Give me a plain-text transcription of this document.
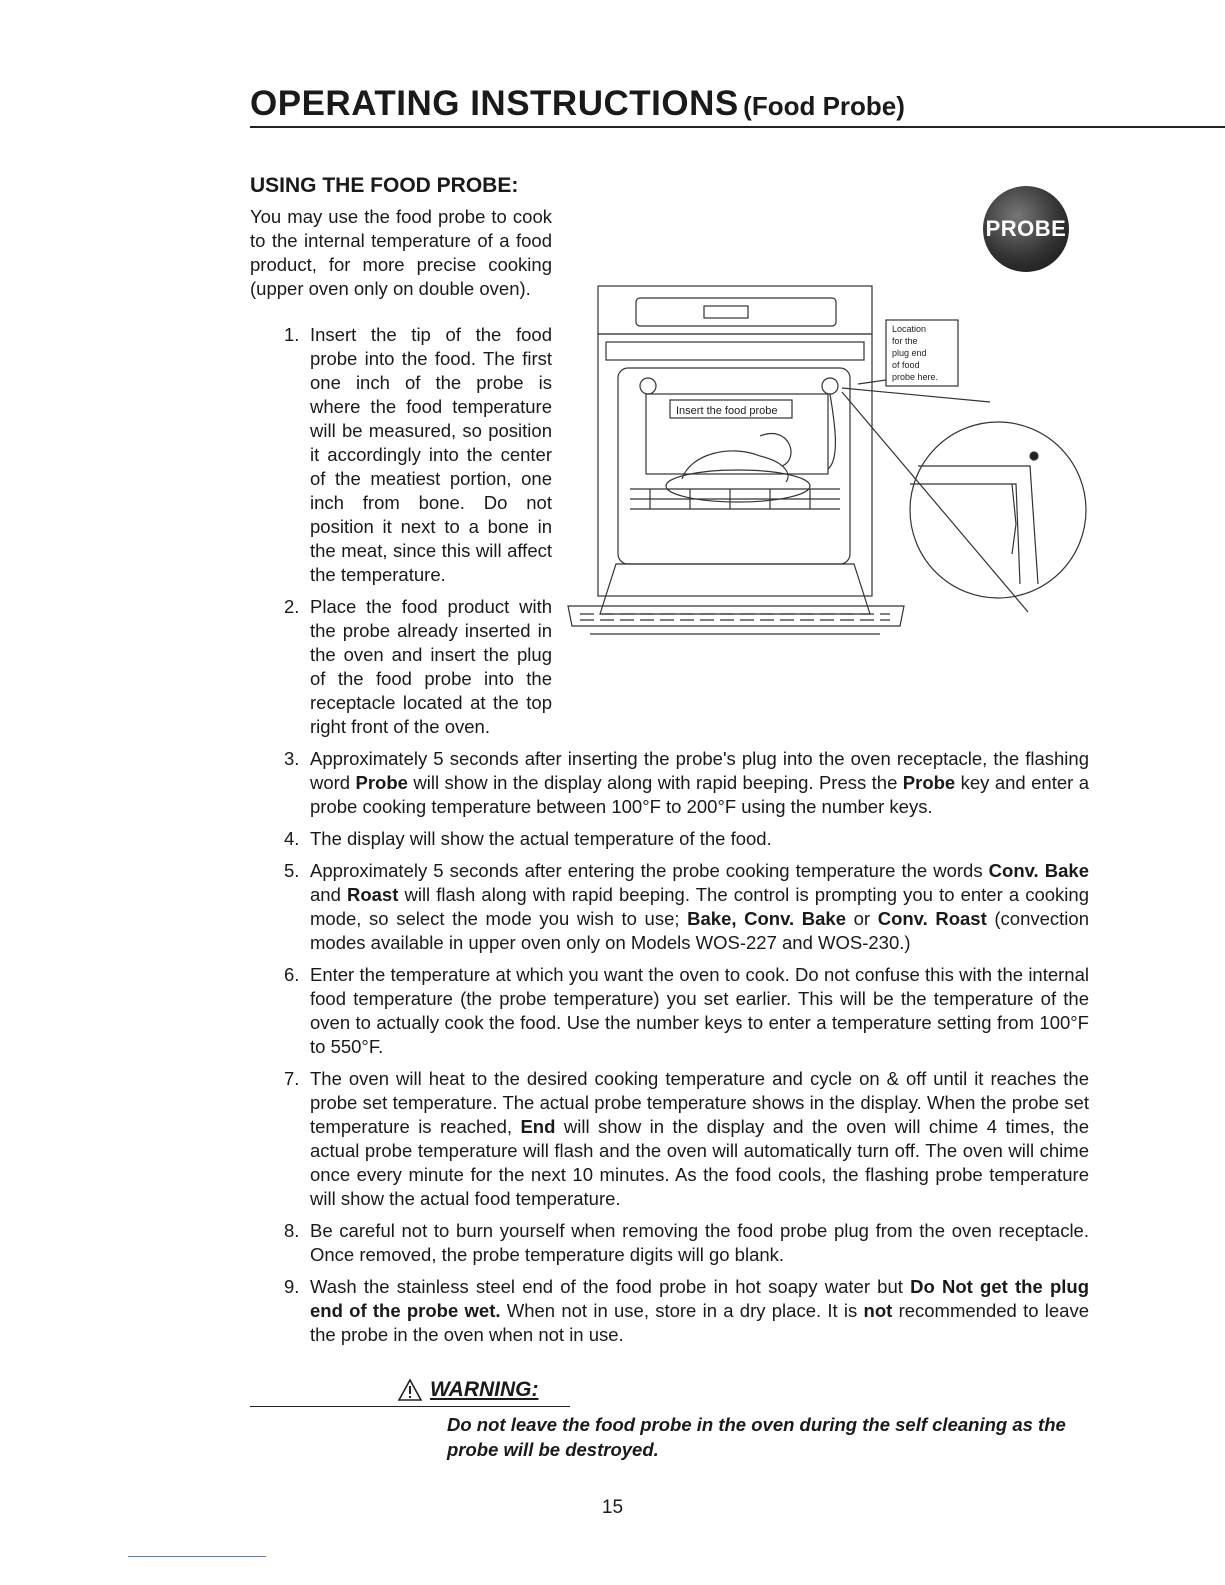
OPERATING INSTRUCTIONS (Food Probe)
USING THE FOOD PROBE:
You may use the food probe to cook to the internal temperature of a food product, for more precise cooking (upper oven only on double oven).
PROBE
Insert the food probe
Location
for the
plug end
of food
probe here.
1. Insert the tip of the food probe into the food. The first one inch of the probe is where the food temperature will be measured, so position it accordingly into the center of the meatiest portion, one inch from bone. Do not position it next to a bone in the meat, since this will affect the temperature.
2. Place the food product with the probe already inserted in the oven and insert the plug of the food probe into the receptacle located at the top right front of the oven.
3. Approximately 5 seconds after inserting the probe's plug into the oven receptacle, the flashing word Probe will show in the display along with rapid beeping. Press the Probe key and enter a probe cooking temperature between 100°F to 200°F using the number keys.
4. The display will show the actual temperature of the food.
5. Approximately 5 seconds after entering the probe cooking temperature the words Conv. Bake and Roast will flash along with rapid beeping. The control is prompting you to enter a cooking mode, so select the mode you wish to use; Bake, Conv. Bake or Conv. Roast (convection modes available in upper oven only on Models WOS-227 and WOS-230.)
6. Enter the temperature at which you want the oven to cook. Do not confuse this with the internal food temperature (the probe temperature) you set earlier. This will be the temperature of the oven to actually cook the food. Use the number keys to enter a temperature setting from 100°F to 550°F.
7. The oven will heat to the desired cooking temperature and cycle on & off until it reaches the probe set temperature. The actual probe temperature shows in the display. When the probe set temperature is reached, End will show in the display and the oven will chime 4 times, the actual probe temperature will flash and the oven will automatically turn off. The oven will chime once every minute for the next 10 minutes. As the food cools, the flashing probe temperature will show the actual food temperature.
8. Be careful not to burn yourself when removing the food probe plug from the oven receptacle. Once removed, the probe temperature digits will go blank.
9. Wash the stainless steel end of the food probe in hot soapy water but Do Not get the plug end of the probe wet. When not in use, store in a dry place. It is not recommended to leave the probe in the oven when not in use.
WARNING:
Do not leave the food probe in the oven during the self cleaning as the probe will be destroyed.
15
